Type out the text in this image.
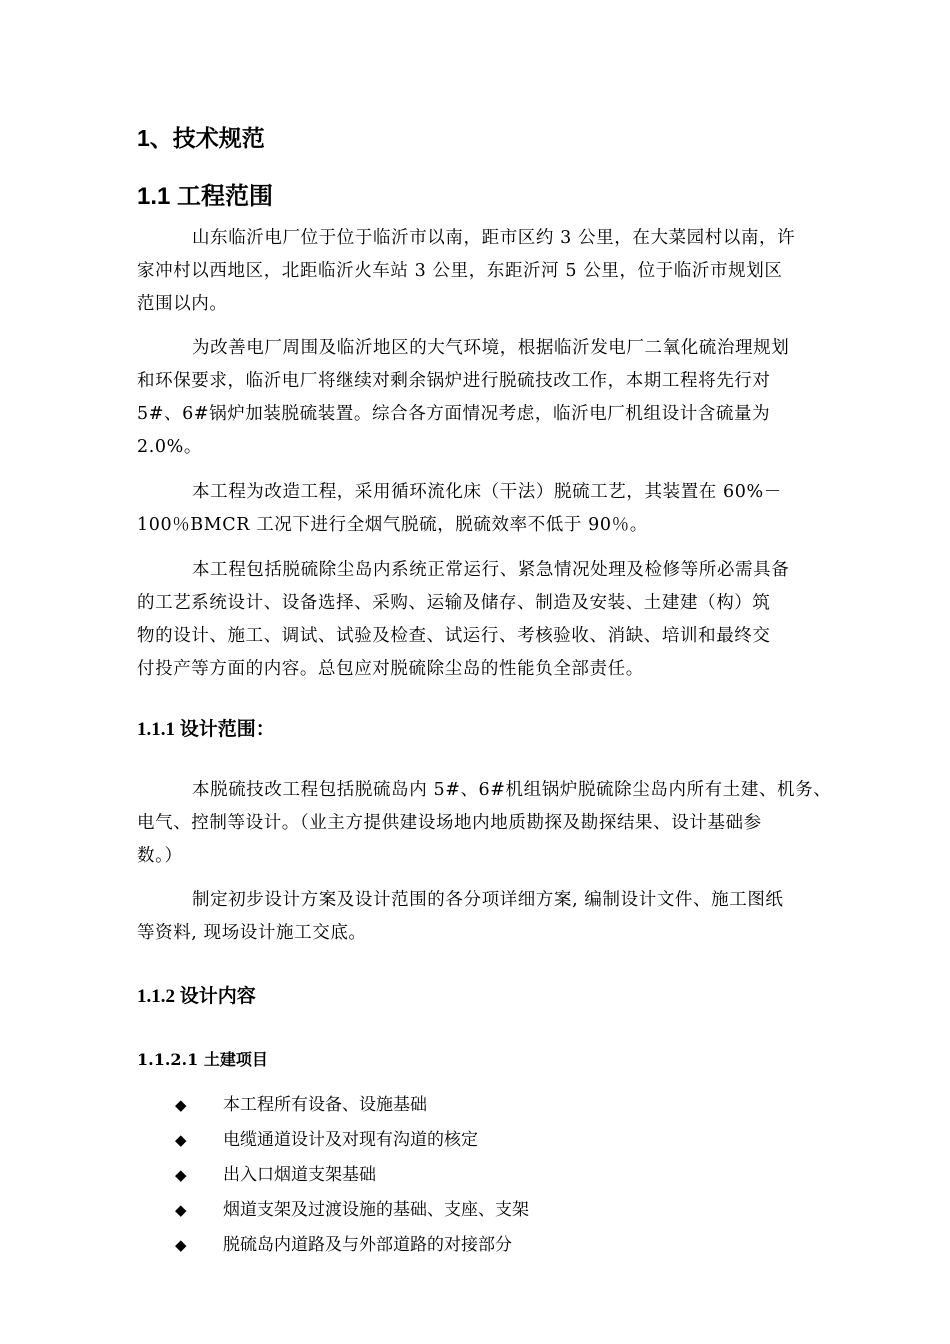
1、技术规范
1.1 工程范围
山东临沂电厂位于位于临沂市以南，距市区约 3 公里，在大菜园村以南，许
家冲村以西地区，北距临沂火车站 3 公里，东距沂河 5 公里，位于临沂市规划区
范围以内。
为改善电厂周围及临沂地区的大气环境，根据临沂发电厂二氧化硫治理规划
和环保要求，临沂电厂将继续对剩余锅炉进行脱硫技改工作，本期工程将先行对
5#、6#锅炉加装脱硫装置。综合各方面情况考虑，临沂电厂机组设计含硫量为
2.0%。
本工程为改造工程，采用循环流化床（干法）脱硫工艺，其装置在 60%－
100％BMCR 工况下进行全烟气脱硫，脱硫效率不低于 90％。
本工程包括脱硫除尘岛内系统正常运行、紧急情况处理及检修等所必需具备
的工艺系统设计、设备选择、采购、运输及储存、制造及安装、土建建（构）筑
物的设计、施工、调试、试验及检查、试运行、考核验收、消缺、培训和最终交
付投产等方面的内容。总包应对脱硫除尘岛的性能负全部责任。
1.1.1 设计范围：
本脱硫技改工程包括脱硫岛内 5#、6#机组锅炉脱硫除尘岛内所有土建、机务、
电气、控制等设计。（业主方提供建设场地内地质勘探及勘探结果、设计基础参
数。）
制定初步设计方案及设计范围的各分项详细方案, 编制设计文件、施工图纸
等资料, 现场设计施工交底。
1.1.2 设计内容
1.1.2.1 土建项目
◆ 本工程所有设备、设施基础
◆ 电缆通道设计及对现有沟道的核定
◆ 出入口烟道支架基础
◆ 烟道支架及过渡设施的基础、支座、支架
◆ 脱硫岛内道路及与外部道路的对接部分
